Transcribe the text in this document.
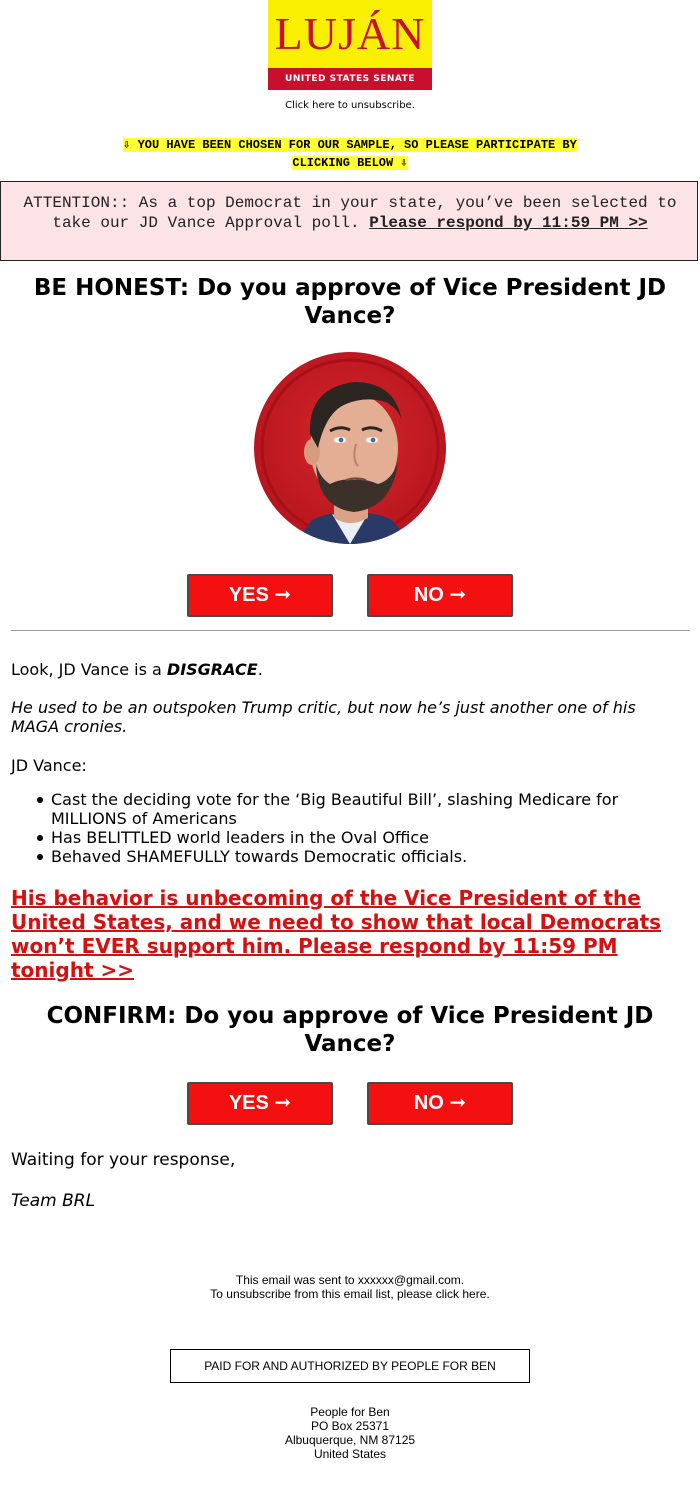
LUJÁN
UNITED STATES SENATE
Click here to unsubscribe.
⇩ YOU HAVE BEEN CHOSEN FOR OUR SAMPLE, SO PLEASE PARTICIPATE BY
CLICKING BELOW ⇩

ATTENTION:: As a top Democrat in your state, you’ve been selected to take our JD Vance Approval poll. Please respond by 11:59 PM >>

BE HONEST: Do you approve of Vice President JD Vance?
YES ➞	NO ➞
Look, JD Vance is a DISGRACE.
He used to be an outspoken Trump critic, but now he’s just another one of his MAGA cronies.
JD Vance:
Cast the deciding vote for the ‘Big Beautiful Bill’, slashing Medicare for MILLIONS of Americans
Has BELITTLED world leaders in the Oval Office
Behaved SHAMEFULLY towards Democratic officials.
His behavior is unbecoming of the Vice President of the United States, and we need to show that local Democrats won’t EVER support him. Please respond by 11:59 PM tonight >>
CONFIRM: Do you approve of Vice President JD Vance?
YES ➞	NO ➞
Waiting for your response,
Team BRL
This email was sent to xxxxxx@gmail.com.
To unsubscribe from this email list, please click here.
PAID FOR AND AUTHORIZED BY PEOPLE FOR BEN
People for Ben
PO Box 25371
Albuquerque, NM 87125
United States
